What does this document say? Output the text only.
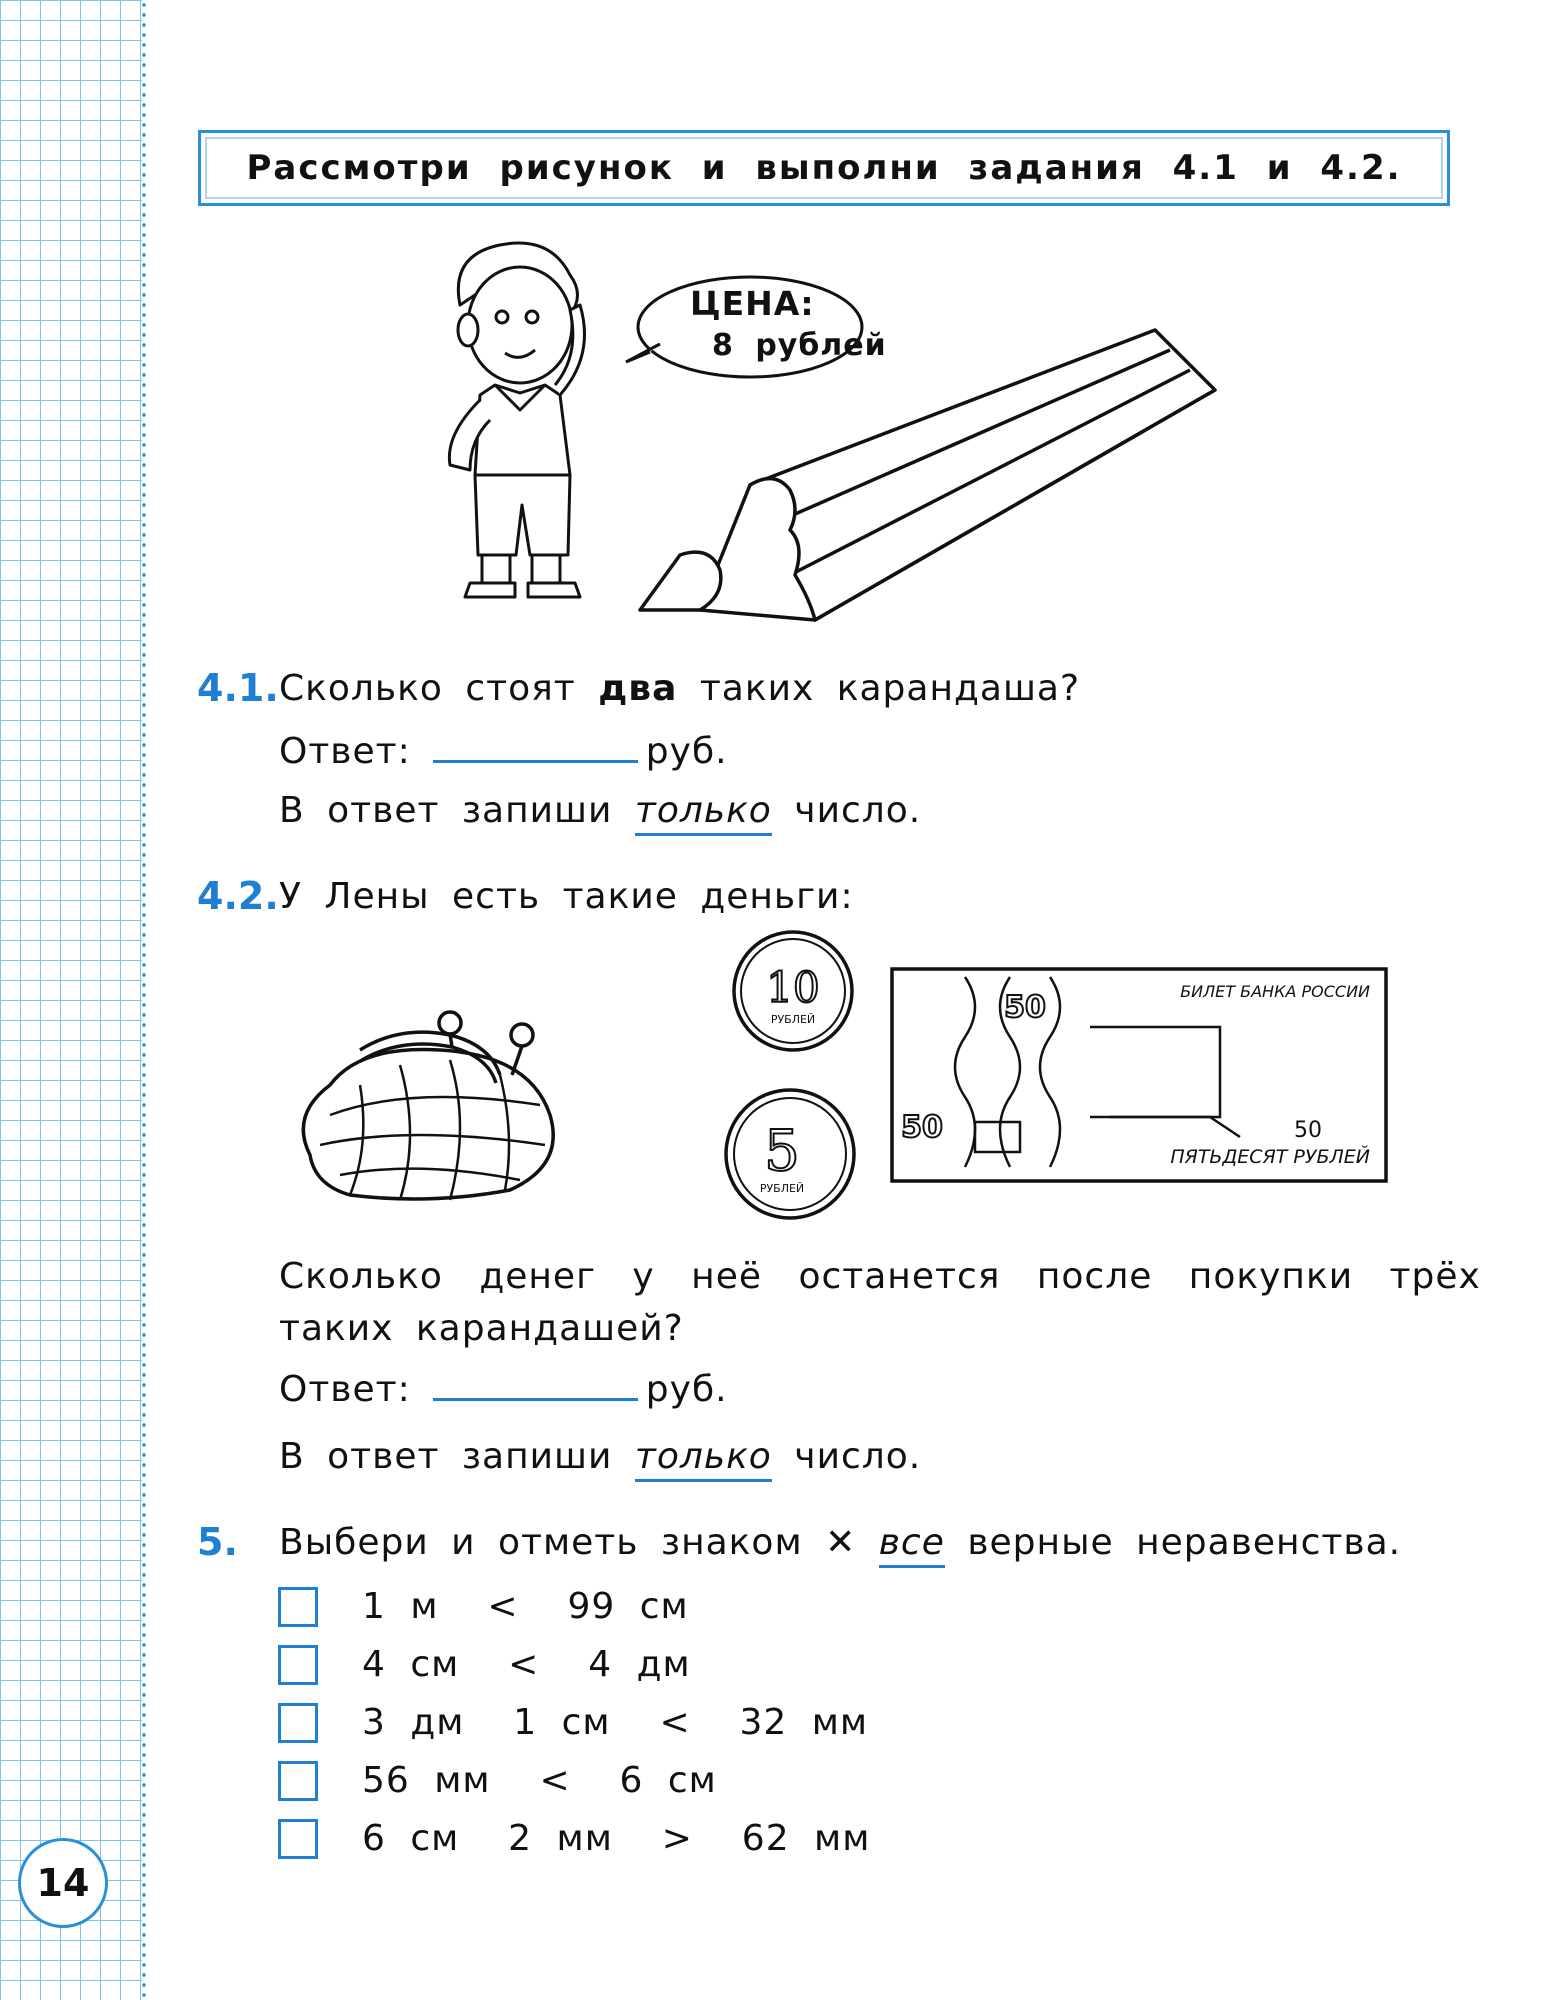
14
Рассмотри рисунок и выполни задания 4.1 и 4.2.
ЦЕНА:
8 рублей
4.1. Сколько стоят два таких карандаша?
Ответ:	руб.
В ответ запиши только число.
4.2. У Лены есть такие деньги:
10
РУБЛЕЙ
5
РУБЛЕЙ
БИЛЕТ БАНКА РОССИИ
50
50	50
ПЯТЬДЕСЯТ РУБЛЕЙ
Сколько денег у неё останется после покупки трёх
таких карандашей?
Ответ:	руб.
В ответ запиши только число.
5. Выбери и отметь знаком ✕ все верные неравенства.
1 м  <  99 см
4 см  <  4 дм
3 дм  1 см  <  32 мм
56 мм  <  6 см
6 см  2 мм  >  62 мм
